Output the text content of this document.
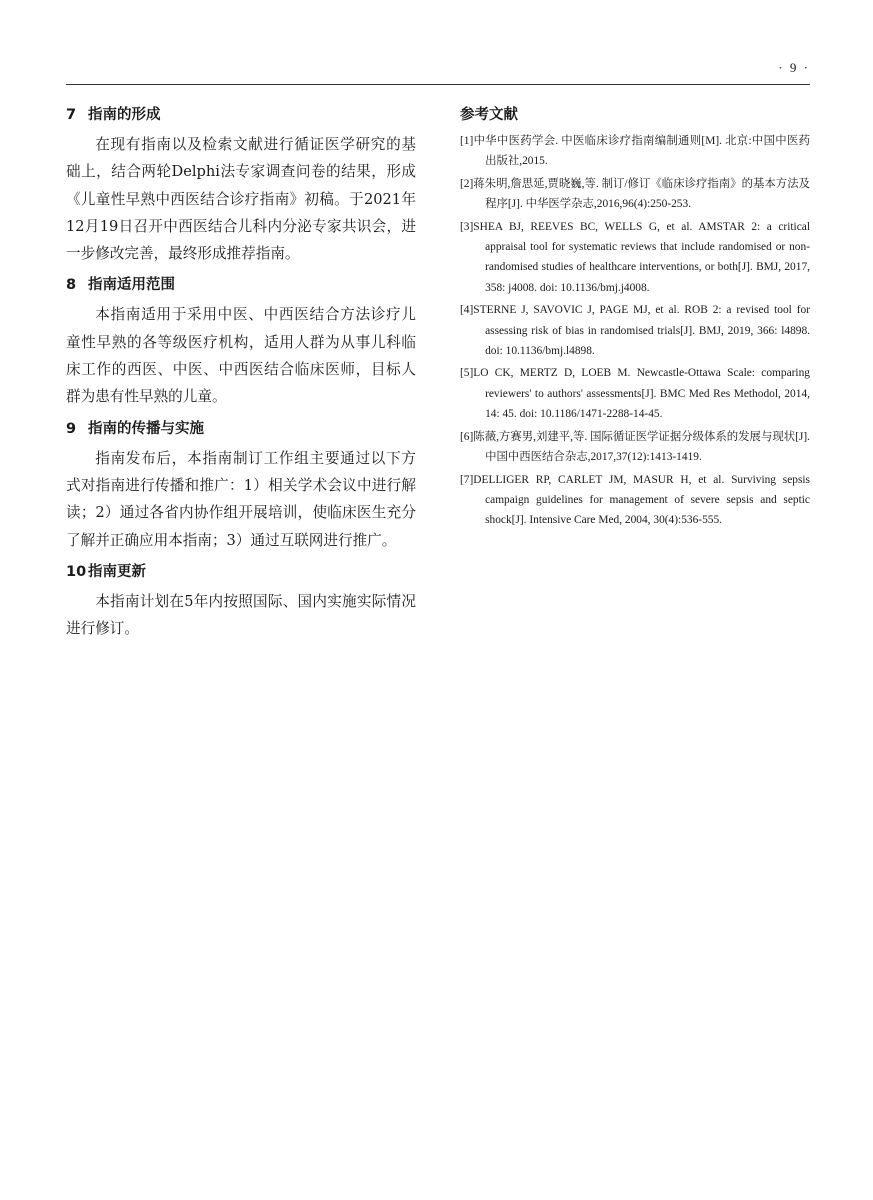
· 9 ·
7 指南的形成

在现有指南以及检索文献进行循证医学研究的基础上，结合两轮Delphi法专家调查问卷的结果，形成《儿童性早熟中西医结合诊疗指南》初稿。于2021年12月19日召开中西医结合儿科内分泌专家共识会，进一步修改完善，最终形成推荐指南。

8 指南适用范围

本指南适用于采用中医、中西医结合方法诊疗儿童性早熟的各等级医疗机构，适用人群为从事儿科临床工作的西医、中医、中西医结合临床医师，目标人群为患有性早熟的儿童。

9 指南的传播与实施

指南发布后，本指南制订工作组主要通过以下方式对指南进行传播和推广：1）相关学术会议中进行解读；2）通过各省内协作组开展培训，使临床医生充分了解并正确应用本指南；3）通过互联网进行推广。

10 指南更新

本指南计划在5年内按照国际、国内实施实际情况进行修订。

参考文献
[1]中华中医药学会. 中医临床诊疗指南编制通则[M]. 北京:中国中医药出版社,2015.
[2]蒋朱明,詹思延,贾晓巍,等. 制订/修订《临床诊疗指南》的基本方法及程序[J]. 中华医学杂志,2016,96(4):250-253.
[3]SHEA BJ, REEVES BC, WELLS G, et al. AMSTAR 2: a critical appraisal tool for systematic reviews that include randomised or non-randomised studies of healthcare interventions, or both[J]. BMJ, 2017, 358: j4008. doi: 10.1136/bmj.j4008.
[4]STERNE J, SAVOVIC J, PAGE MJ, et al. ROB 2: a revised tool for assessing risk of bias in randomised trials[J]. BMJ, 2019, 366: l4898. doi: 10.1136/bmj.l4898.
[5]LO CK, MERTZ D, LOEB M. Newcastle-Ottawa Scale: comparing reviewers' to authors' assessments[J]. BMC Med Res Methodol, 2014, 14: 45. doi: 10.1186/1471-2288-14-45.
[6]陈薇,方赛男,刘建平,等. 国际循证医学证据分级体系的发展与现状[J]. 中国中西医结合杂志,2017,37(12):1413-1419.
[7]DELLIGER RP, CARLET JM, MASUR H, et al. Surviving sepsis campaign guidelines for management of severe sepsis and septic shock[J]. Intensive Care Med, 2004, 30(4):536-555.
